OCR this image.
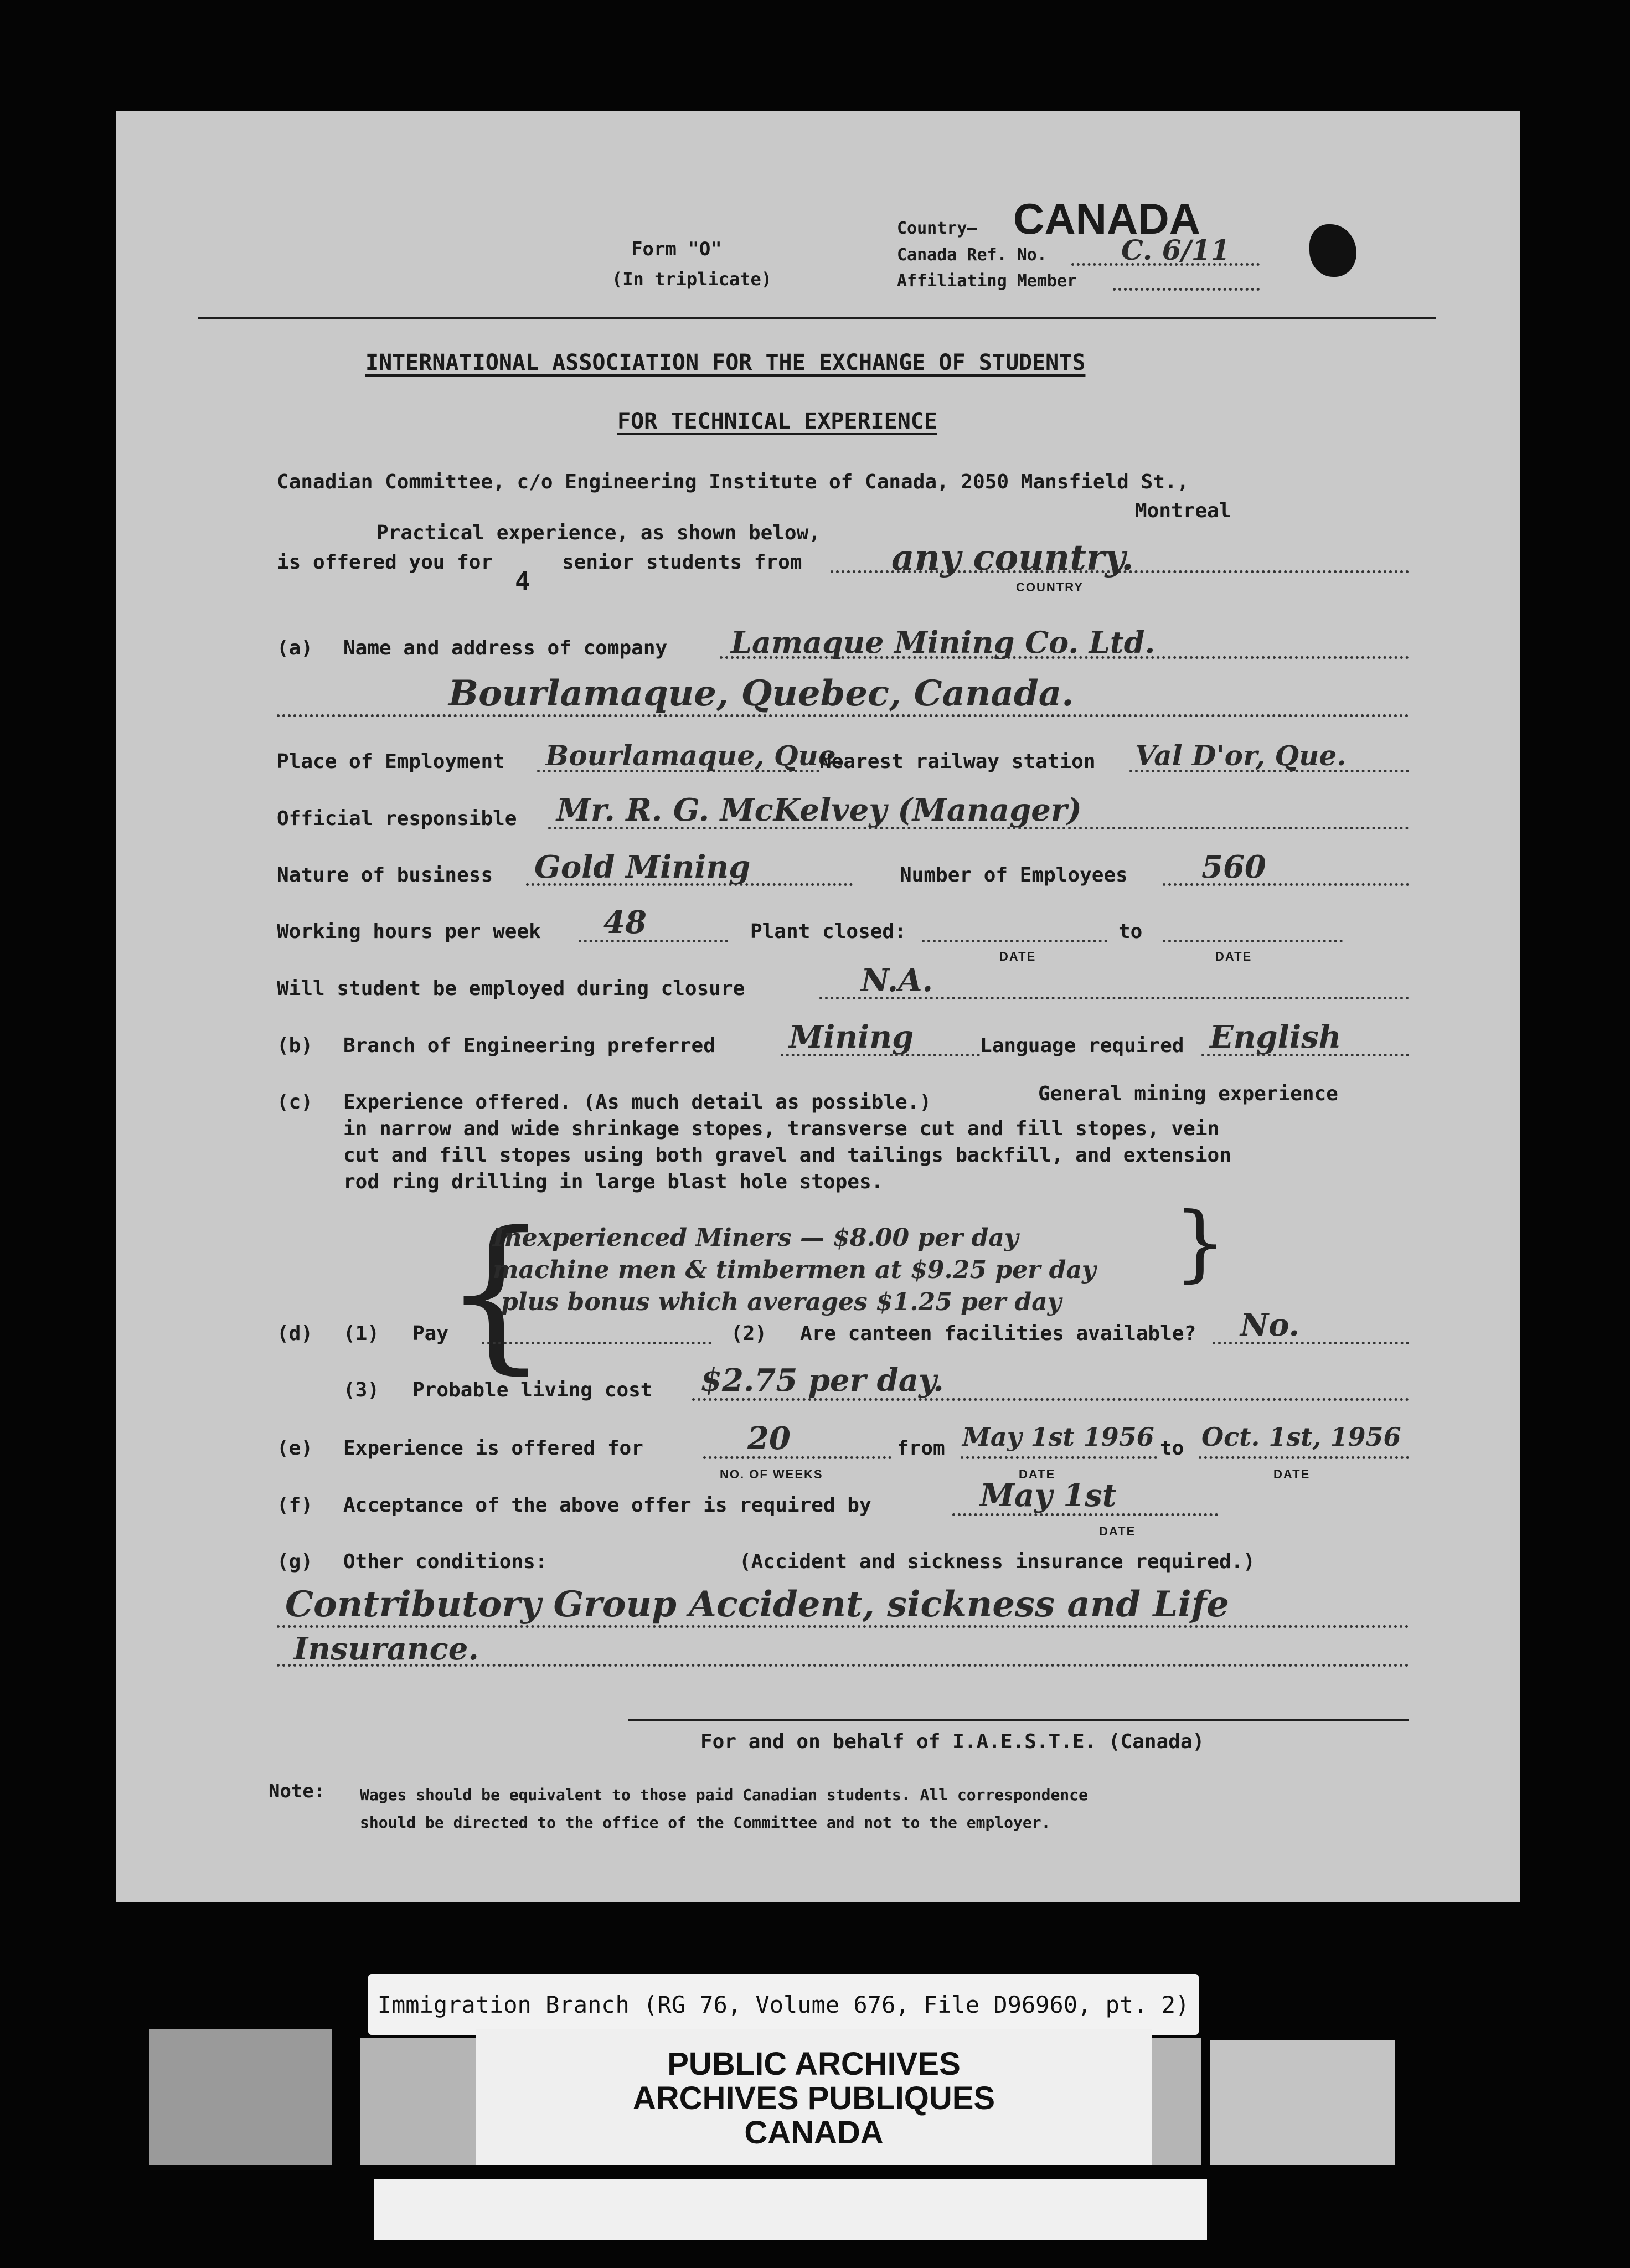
Form "O"
(In triplicate)
Country— CANADA
Canada Ref. No.	C. 6/11
Affiliating Member
INTERNATIONAL ASSOCIATION FOR THE EXCHANGE OF STUDENTS
FOR TECHNICAL EXPERIENCE
Canadian Committee, c/o Engineering Institute of Canada, 2050 Mansfield St.,
Montreal
Practical experience, as shown below,
is offered you for
4
senior students from	any country.
COUNTRY
(a) Name and address of company Lamaque Mining Co. Ltd.
Bourlamaque, Quebec, Canada.
Place of Employment Bourlamaque, Que.
Nearest railway station Val D'or, Que.
Official responsible Mr. R. G. McKelvey (Manager)
Nature of business Gold Mining	Number of Employees 560
Working hours per week 48	Plant closed:	to
DATE	DATE
Will student be employed during closure	N.A.
(b) Branch of Engineering preferred Mining	Language required English
(c) Experience offered. (As much detail as possible.)	General mining experience
in narrow and wide shrinkage stopes, transverse cut and fill stopes, vein
cut and fill stopes using both gravel and tailings backfill, and extension
rod ring drilling in large blast hole stopes.
{	}
Inexperienced Miners — $8.00 per day
machine men & timbermen at $9.25 per day
plus bonus which averages $1.25 per day
(d) (1) Pay	(2) Are canteen facilities available? No.
(3) Probable living cost $2.75 per day.
(e) Experience is offered for	20
NO. OF WEEKS
from May 1st 1956
DATE
to Oct. 1st, 1956
DATE
(f) Acceptance of the above offer is required by	May 1st
DATE
(g) Other conditions:	(Accident and sickness insurance required.)
Contributory Group Accident, sickness and Life
Insurance.
For and on behalf of I.A.E.S.T.E. (Canada)
Note: Wages should be equivalent to those paid Canadian students. All correspondence
should be directed to the office of the Committee and not to the employer.
Immigration Branch (RG 76, Volume 676, File D96960, pt. 2)
PUBLIC ARCHIVES
ARCHIVES PUBLIQUES
CANADA
